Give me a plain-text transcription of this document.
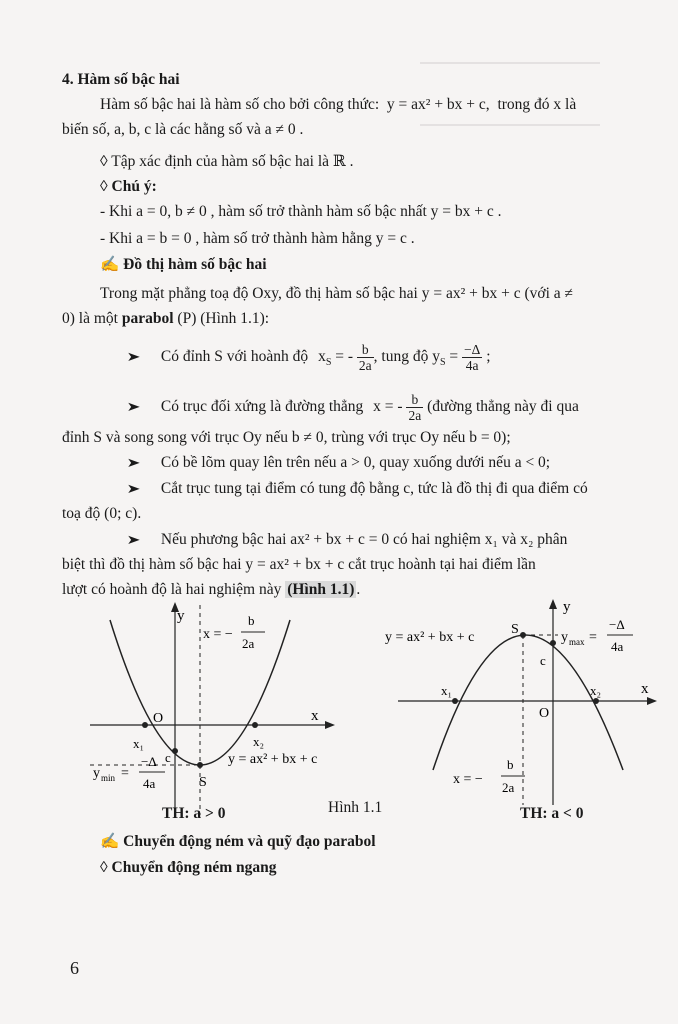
4. Hàm số bậc hai
Hàm số bậc hai là hàm số cho bởi công thức: y = ax² + bx + c, trong đó x là
biến số, a, b, c là các hằng số và a ≠ 0 .
◊ Tập xác định của hàm số bậc hai là ℝ .
◊ Chú ý:
- Khi a = 0, b ≠ 0 , hàm số trở thành hàm số bậc nhất y = bx + c .
- Khi a = b = 0 , hàm số trở thành hàm hằng y = c .
✍ Đồ thị hàm số bậc hai
Trong mặt phẳng toạ độ Oxy, đồ thị hàm số bậc hai y = ax² + bx + c (với a ≠
0) là một parabol (P) (Hình 1.1):
➤ Có đỉnh S với hoành độ $x_S$ = - $\frac{b}{2a}$ , tung độ $y_S = \frac{-\Delta}{4a}$ ;
➤ Có trục đối xứng là đường thẳng x = - $\frac{b}{2a}$ (đường thẳng này đi qua
đỉnh S và song song với trục Oy nếu b ≠ 0, trùng với trục Oy nếu b = 0);
➤ Có bề lõm quay lên trên nếu a > 0, quay xuống dưới nếu a < 0;
➤ Cắt trục tung tại điểm có tung độ bằng c, tức là đồ thị đi qua điểm có
toạ độ (0; c).
➤ Nếu phương bậc hai ax² + bx + c = 0 có hai nghiệm x₁ và x₂ phân
biệt thì đồ thị hàm số bậc hai y = ax² + bx + c cắt trục hoành tại hai điểm lần
lượt có hoành độ là hai nghiệm này (Hình 1.1) .
y
x
O
x = −
b
2a
x₁	x₂
c
S
y min =
−Δ
4a
y = ax² + bx + c
TH: a > 0	Hình 1.1
y
x
O
y = ax² + bx + c
S
y max =
−Δ
4a
c
x₁	x₂
x = −
b
2a
TH: a < 0
✍ Chuyển động ném và quỹ đạo parabol
◊ Chuyển động ném ngang
6
